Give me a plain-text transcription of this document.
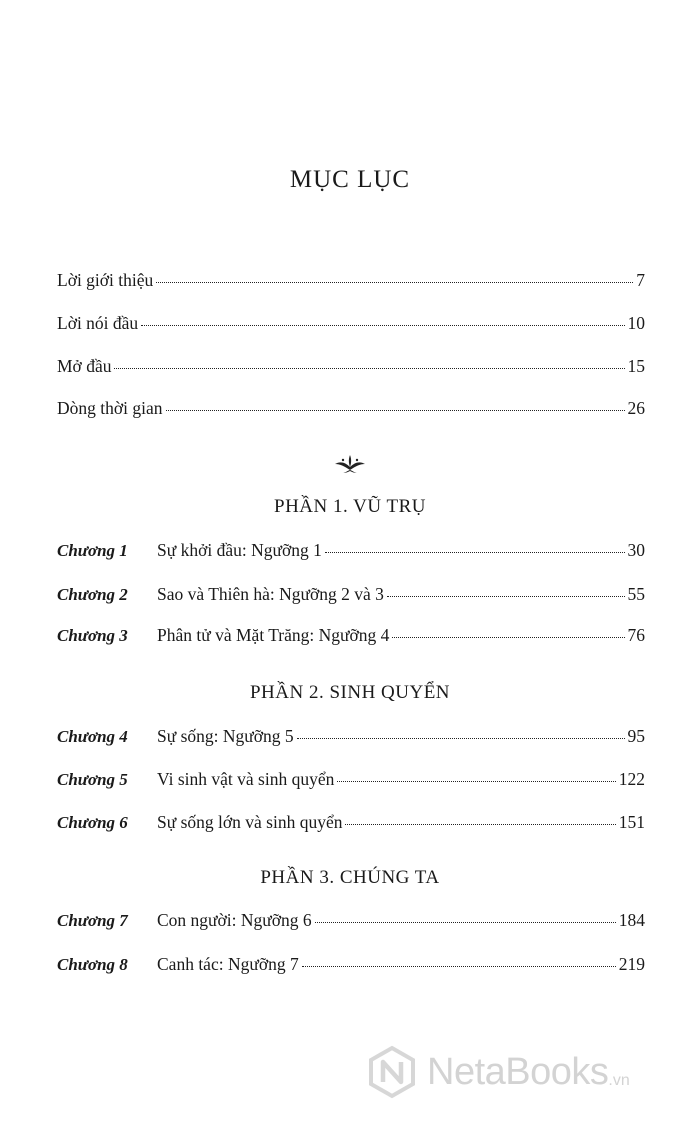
MỤC LỤC
Lời giới thiệu	7
Lời nói đầu	10
Mở đầu	15
Dòng thời gian	26
PHẦN 1. VŨ TRỤ
Chương 1	Sự khởi đầu: Ngưỡng 1	30
Chương 2	Sao và Thiên hà: Ngưỡng 2 và 3	55
Chương 3	Phân tử và Mặt Trăng: Ngưỡng 4	76
PHẦN 2. SINH QUYỂN
Chương 4	Sự sống: Ngưỡng 5	95
Chương 5	Vi sinh vật và sinh quyển	122
Chương 6	Sự sống lớn và sinh quyển	151
PHẦN 3. CHÚNG TA
Chương 7	Con người: Ngưỡng 6	184
Chương 8	Canh tác: Ngưỡng 7	219
NetaBooks .vn
